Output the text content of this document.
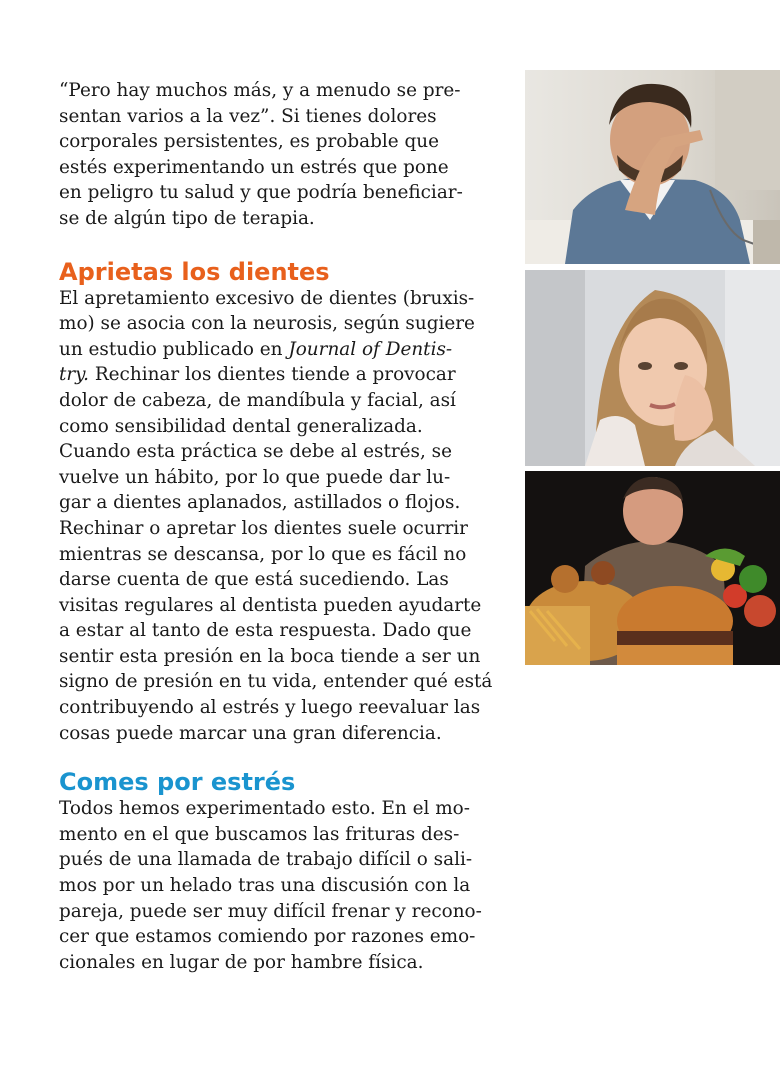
“Pero hay muchos más, y a menudo se pre-
sentan varios a la vez”. Si tienes dolores
corporales persistentes, es probable que
estés experimentando un estrés que pone
en peligro tu salud y que podría beneficiar-
se de algún tipo de terapia.

Aprietas los dientes

El apretamiento excesivo de dientes (bruxis-
mo) se asocia con la neurosis, según sugiere
un estudio publicado en Journal of Dentis-
try. Rechinar los dientes tiende a provocar
dolor de cabeza, de mandíbula y facial, así
como sensibilidad dental generalizada.
Cuando esta práctica se debe al estrés, se
vuelve un hábito, por lo que puede dar lu-
gar a dientes aplanados, astillados o flojos.
Rechinar o apretar los dientes suele ocurrir
mientras se descansa, por lo que es fácil no
darse cuenta de que está sucediendo. Las
visitas regulares al dentista pueden ayudarte
a estar al tanto de esta respuesta. Dado que
sentir esta presión en la boca tiende a ser un
signo de presión en tu vida, entender qué está
contribuyendo al estrés y luego reevaluar las
cosas puede marcar una gran diferencia.

Comes por estrés

Todos hemos experimentado esto. En el mo-
mento en el que buscamos las frituras des-
pués de una llamada de trabajo difícil o sali-
mos por un helado tras una discusión con la
pareja, puede ser muy difícil frenar y recono-
cer que estamos comiendo por razones emo-
cionales en lugar de por hambre física.
